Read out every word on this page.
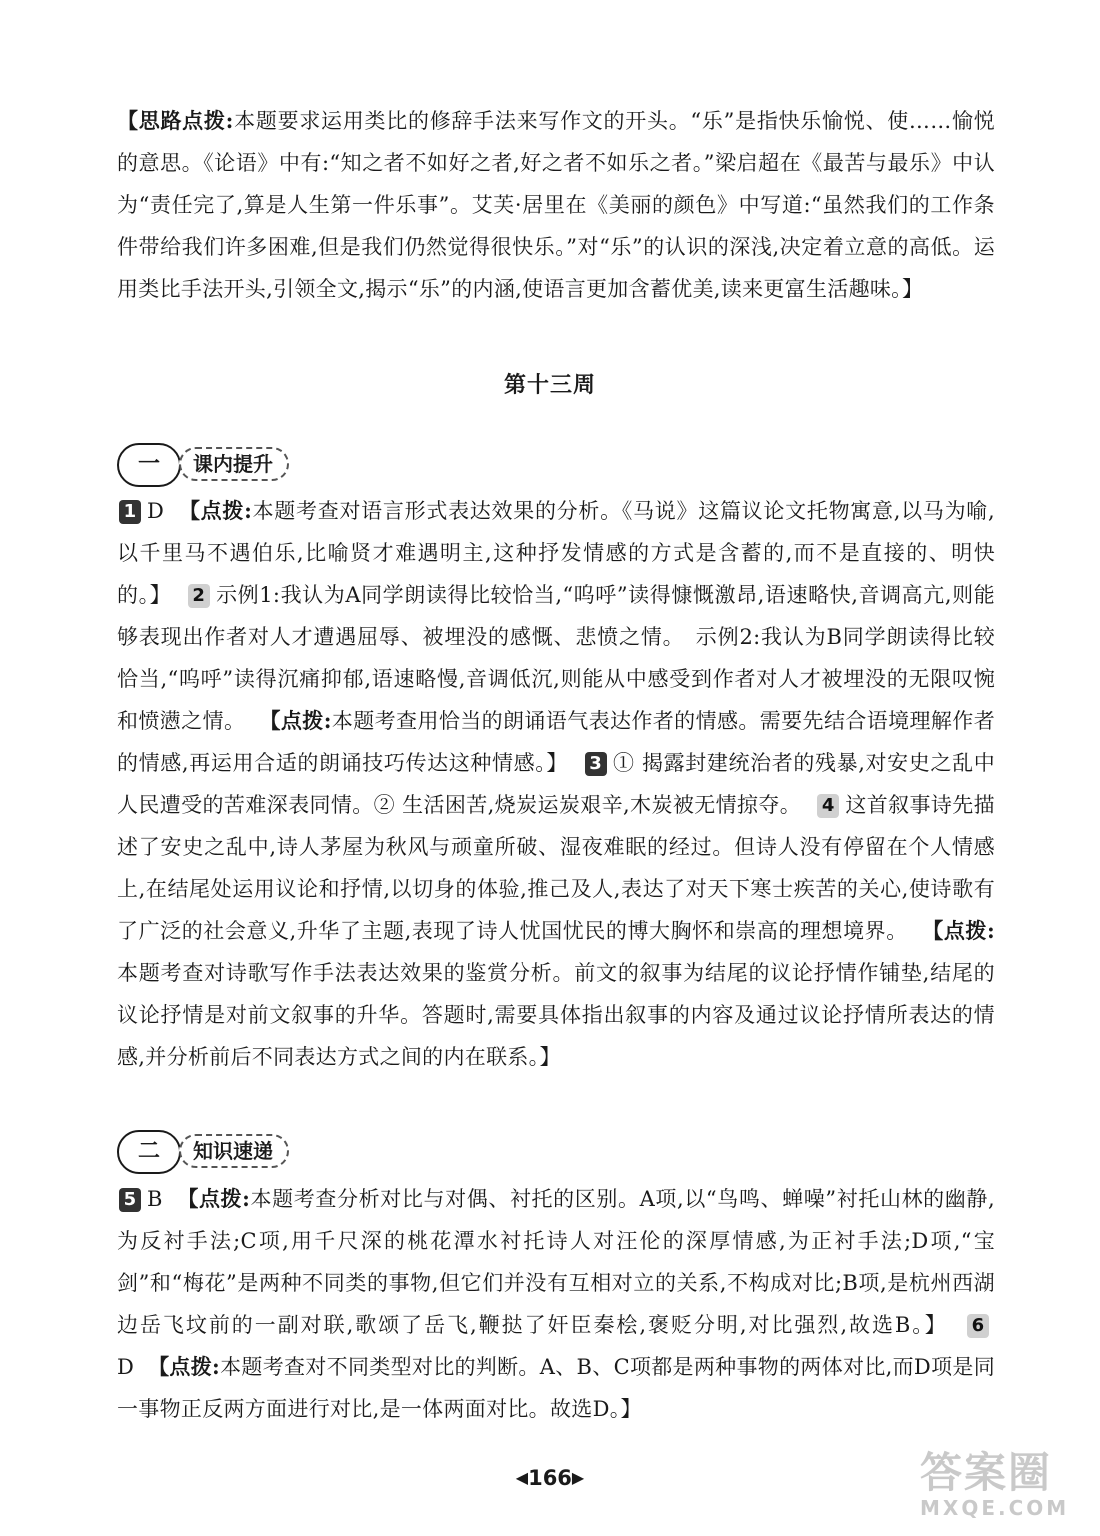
【思路点拨:本题要求运用类比的修辞手法来写作文的开头。“乐”是指快乐愉悦、使……愉悦的意思。《论语》中有:“知之者不如好之者,好之者不如乐之者。”梁启超在《最苦与最乐》中认为“责任完了,算是人生第一件乐事”。艾芙·居里在《美丽的颜色》中写道:“虽然我们的工作条件带给我们许多困难,但是我们仍然觉得很快乐。”对“乐”的认识的深浅,决定着立意的高低。运用类比手法开头,引领全文,揭示“乐”的内涵,使语言更加含蓄优美,读来更富生活趣味。】

第十三周
一	课内提升

1 D 【点拨:本题考查对语言形式表达效果的分析。《马说》这篇议论文托物寓意,以马为喻,以千里马不遇伯乐,比喻贤才难遇明主,这种抒发情感的方式是含蓄的,而不是直接的、明快的。】 2 示例1:我认为A同学朗读得比较恰当,“呜呼”读得慷慨激昂,语速略快,音调高亢,则能够表现出作者对人才遭遇屈辱、被埋没的感慨、悲愤之情。　示例2:我认为B同学朗读得比较恰当,“呜呼”读得沉痛抑郁,语速略慢,音调低沉,则能从中感受到作者对人才被埋没的无限叹惋和愤懑之情。 【点拨:本题考查用恰当的朗诵语气表达作者的情感。需要先结合语境理解作者的情感,再运用合适的朗诵技巧传达这种情感。】 3 ① 揭露封建统治者的残暴,对安史之乱中人民遭受的苦难深表同情。② 生活困苦,烧炭运炭艰辛,木炭被无情掠夺。 4 这首叙事诗先描述了安史之乱中,诗人茅屋为秋风与顽童所破、湿夜难眠的经过。但诗人没有停留在个人情感上,在结尾处运用议论和抒情,以切身的体验,推己及人,表达了对天下寒士疾苦的关心,使诗歌有了广泛的社会意义,升华了主题,表现了诗人忧国忧民的博大胸怀和崇高的理想境界。 【点拨:本题考查对诗歌写作手法表达效果的鉴赏分析。前文的叙事为结尾的议论抒情作铺垫,结尾的议论抒情是对前文叙事的升华。答题时,需要具体指出叙事的内容及通过议论抒情所表达的情感,并分析前后不同表达方式之间的内在联系。】

二	知识速递

5 B 【点拨:本题考查分析对比与对偶、衬托的区别。A项,以“鸟鸣、蝉噪”衬托山林的幽静,为反衬手法;C项,用千尺深的桃花潭水衬托诗人对汪伦的深厚情感,为正衬手法;D项,“宝剑”和“梅花”是两种不同类的事物,但它们并没有互相对立的关系,不构成对比;B项,是杭州西湖边岳飞坟前的一副对联,歌颂了岳飞,鞭挞了奸臣秦桧,褒贬分明,对比强烈,故选B。】 6D 【点拨:本题考查对不同类型对比的判断。A、B、C项都是两种事物的两体对比,而D项是同一事物正反两方面进行对比,是一体两面对比。故选D。】

◀166▶	答案圈
MXQE.COM
